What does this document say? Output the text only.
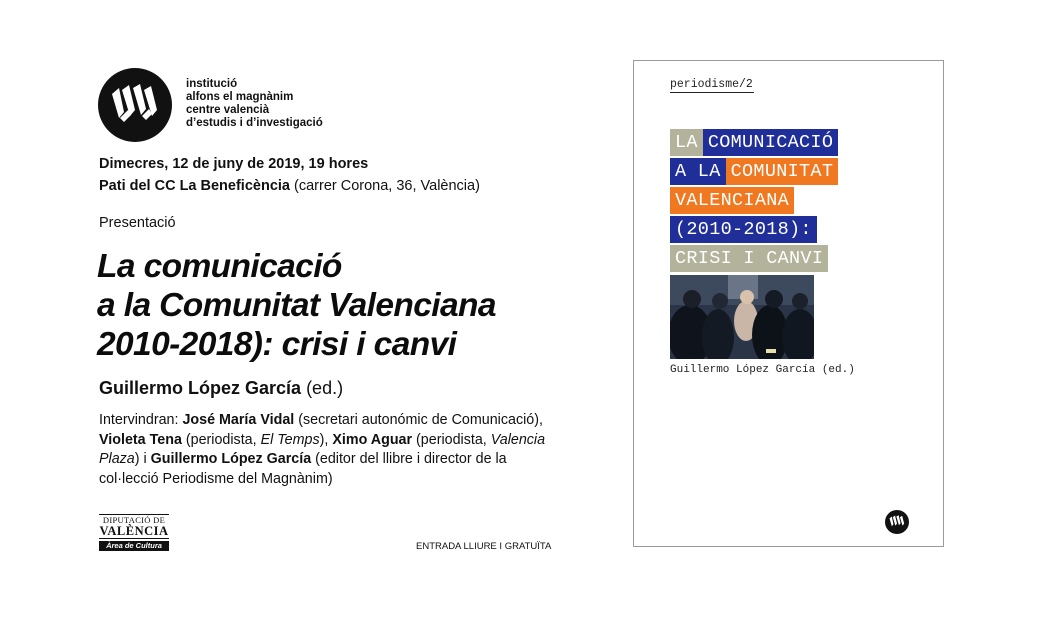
institució
alfons el magnànim
centre valencià
d’estudis i d’investigació
Dimecres, 12 de juny de 2019, 19 hores
Pati del CC La Beneficència (carrer Corona, 36, València)
Presentació
La comunicació
a la Comunitat Valenciana
2010-2018): crisi i canvi
Guillermo López García (ed.)
Intervindran: José María Vidal (secretari autonómic de Comunicació), Violeta Tena (periodista, El Temps), Ximo Aguar (periodista, Valencia Plaza) i Guillermo López García (editor del llibre i director de la col·lecció Periodisme del Magnànim)
DIPUTACIÓ DE
VALÈNCIA
Àrea de Cultura	ENTRADA LLIURE I GRATUÏTA
periodisme/2
LA COMUNICACIÓ
A LA COMUNITAT
VALENCIANA
(2010-2018):
CRISI I CANVI
Guillermo López García (ed.)
